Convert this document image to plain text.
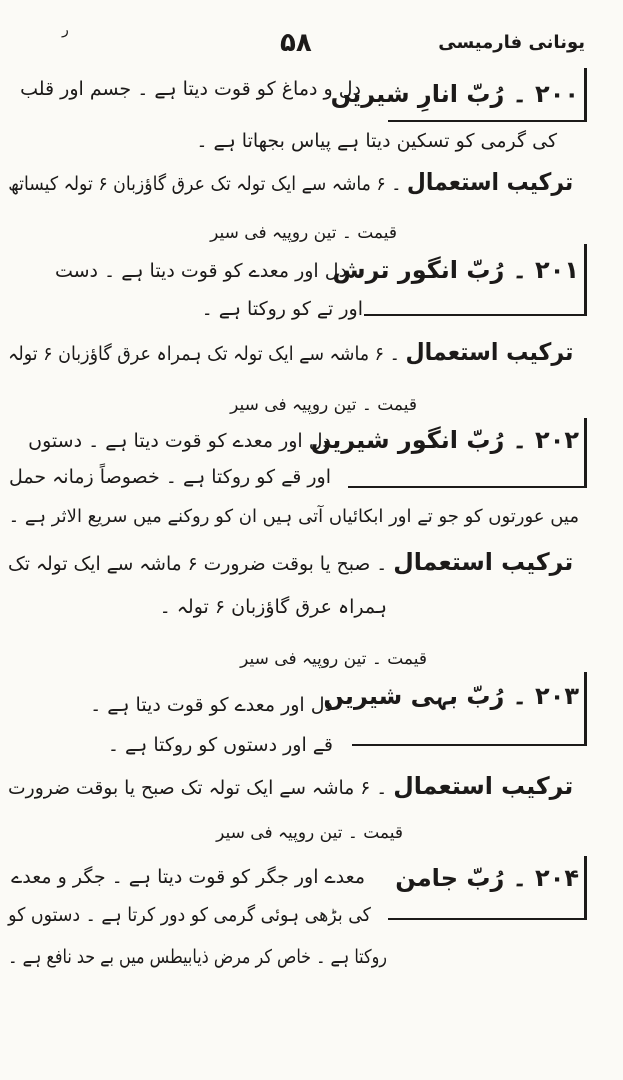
یونانی فارمیسی
۵۸
ر
۲۰۰ ۔ رُبّ انارِ شیریں
دل و دماغ کو قوت دیتا ہے ۔ جسم اور قلب
کی گرمی کو تسکین دیتا ہے پیاس بجھاتا ہے ۔
ترکیب استعمال ۔ ۶ ماشہ سے ایک تولہ تک عرق گاؤزبان ۶ تولہ کیساتھ
قیمت ۔ تین روپیہ فی سیر
۲۰۱ ۔ رُبّ انگور ترش
دل اور معدے کو قوت دیتا ہے ۔ دست
اور تے کو روکتا ہے ۔
ترکیب استعمال ۔ ۶ ماشہ سے ایک تولہ تک ہمراہ عرق گاؤزبان ۶ تولہ
قیمت ۔ تین روپیہ فی سیر
۲۰۲ ۔ رُبّ انگور شیریں
دل اور معدے کو قوت دیتا ہے ۔ دستوں
اور قے کو روکتا ہے ۔ خصوصاً زمانہ حمل
میں عورتوں کو جو تے اور ابکائیاں آتی ہیں ان کو روکنے میں سریع الاثر ہے ۔
ترکیب استعمال ۔ صبح یا بوقت ضرورت ۶ ماشہ سے ایک تولہ تک
ہمراہ عرق گاؤزبان ۶ تولہ ۔
قیمت ۔ تین روپیہ فی سیر
۲۰۳ ۔ رُبّ بہی شیریں
دل اور معدے کو قوت دیتا ہے ۔
قے اور دستوں کو روکتا ہے ۔
ترکیب استعمال ۔ ۶ ماشہ سے ایک تولہ تک صبح یا بوقت ضرورت
قیمت ۔ تین روپیہ فی سیر
۲۰۴ ۔ رُبّ جامن
معدے اور جگر کو قوت دیتا ہے ۔ جگر و معدے
کی بڑھی ہوئی گرمی کو دور کرتا ہے ۔ دستوں کو
روکتا ہے ۔ خاص کر مرض ذیابیطس میں بے حد نافع ہے ۔
